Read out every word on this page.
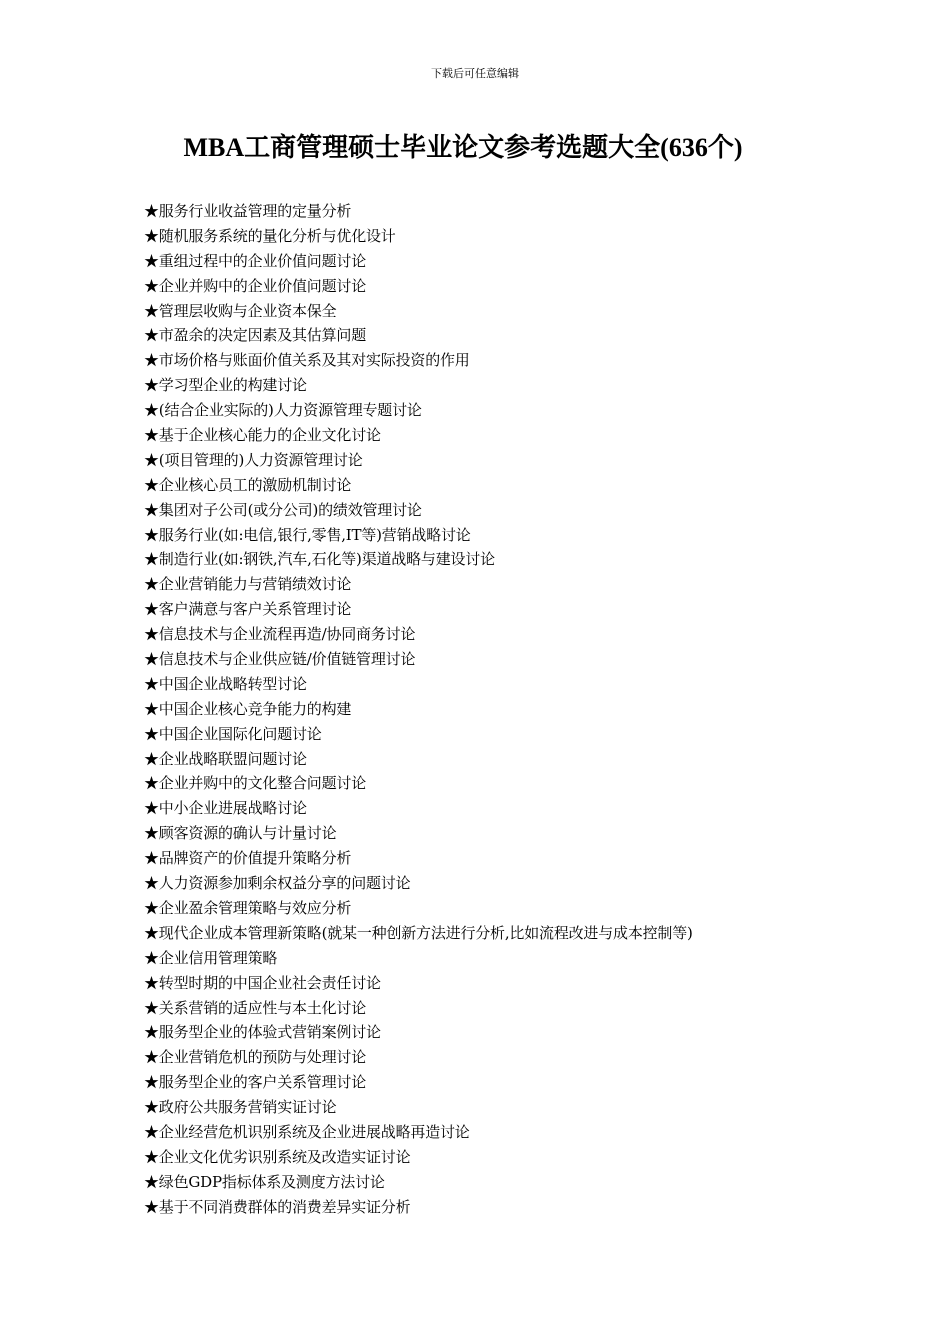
下载后可任意编辑
MBA工商管理硕士毕业论文参考选题大全(636个)
★服务行业收益管理的定量分析
★随机服务系统的量化分析与优化设计
★重组过程中的企业价值问题讨论
★企业并购中的企业价值问题讨论
★管理层收购与企业资本保全
★市盈余的决定因素及其估算问题
★市场价格与账面价值关系及其对实际投资的作用
★学习型企业的构建讨论
★(结合企业实际的)人力资源管理专题讨论
★基于企业核心能力的企业文化讨论
★(项目管理的)人力资源管理讨论
★企业核心员工的激励机制讨论
★集团对子公司(或分公司)的绩效管理讨论
★服务行业(如:电信,银行,零售,IT等)营销战略讨论
★制造行业(如:钢铁,汽车,石化等)渠道战略与建设讨论
★企业营销能力与营销绩效讨论
★客户满意与客户关系管理讨论
★信息技术与企业流程再造/协同商务讨论
★信息技术与企业供应链/价值链管理讨论
★中国企业战略转型讨论
★中国企业核心竞争能力的构建
★中国企业国际化问题讨论
★企业战略联盟问题讨论
★企业并购中的文化整合问题讨论
★中小企业进展战略讨论
★顾客资源的确认与计量讨论
★品牌资产的价值提升策略分析
★人力资源参加剩余权益分享的问题讨论
★企业盈余管理策略与效应分析
★现代企业成本管理新策略(就某一种创新方法进行分析,比如流程改进与成本控制等)
★企业信用管理策略
★转型时期的中国企业社会责任讨论
★关系营销的适应性与本土化讨论
★服务型企业的体验式营销案例讨论
★企业营销危机的预防与处理讨论
★服务型企业的客户关系管理讨论
★政府公共服务营销实证讨论
★企业经营危机识别系统及企业进展战略再造讨论
★企业文化优劣识别系统及改造实证讨论
★绿色GDP指标体系及测度方法讨论
★基于不同消费群体的消费差异实证分析
